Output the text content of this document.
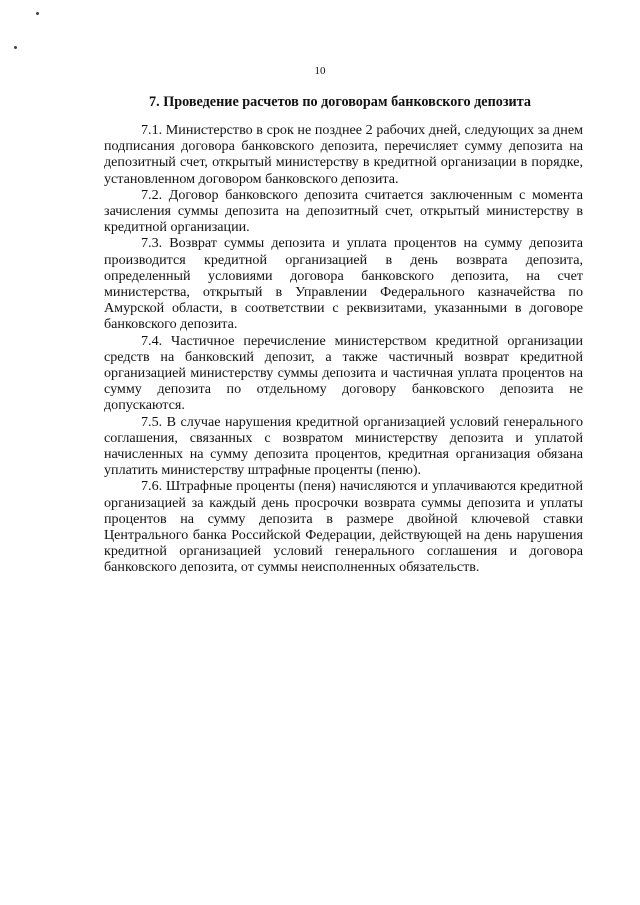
10
7. Проведение расчетов по договорам банковского депозита

7.1. Министерство в срок не позднее 2 рабочих дней, следующих за днем подписания договора банковского депозита, перечисляет сумму депозита на депозитный счет, открытый министерству в кредитной организации в порядке, установленном договором банковского депозита.

7.2. Договор банковского депозита считается заключенным с момента зачисления суммы депозита на депозитный счет, открытый министерству в кредитной организации.

7.3. Возврат суммы депозита и уплата процентов на сумму депозита производится кредитной организацией в день возврата депозита, определенный условиями договора банковского депозита, на счет министерства, открытый в Управлении Федерального казначейства по Амурской области, в соответствии с реквизитами, указанными в договоре банковского депозита.

7.4. Частичное перечисление министерством кредитной организации средств на банковский депозит, а также частичный возврат кредитной организацией министерству суммы депозита и частичная уплата процентов на сумму депозита по отдельному договору банковского депозита не допускаются.

7.5. В случае нарушения кредитной организацией условий генерального соглашения, связанных с возвратом министерству депозита и уплатой начисленных на сумму депозита процентов, кредитная организация обязана уплатить министерству штрафные проценты (пеню).

7.6. Штрафные проценты (пеня) начисляются и уплачиваются кредитной организацией за каждый день просрочки возврата суммы депозита и уплаты процентов на сумму депозита в размере двойной ключевой ставки Центрального банка Российской Федерации, действующей на день нарушения кредитной организацией условий генерального соглашения и договора банковского депозита, от суммы неисполненных обязательств.
